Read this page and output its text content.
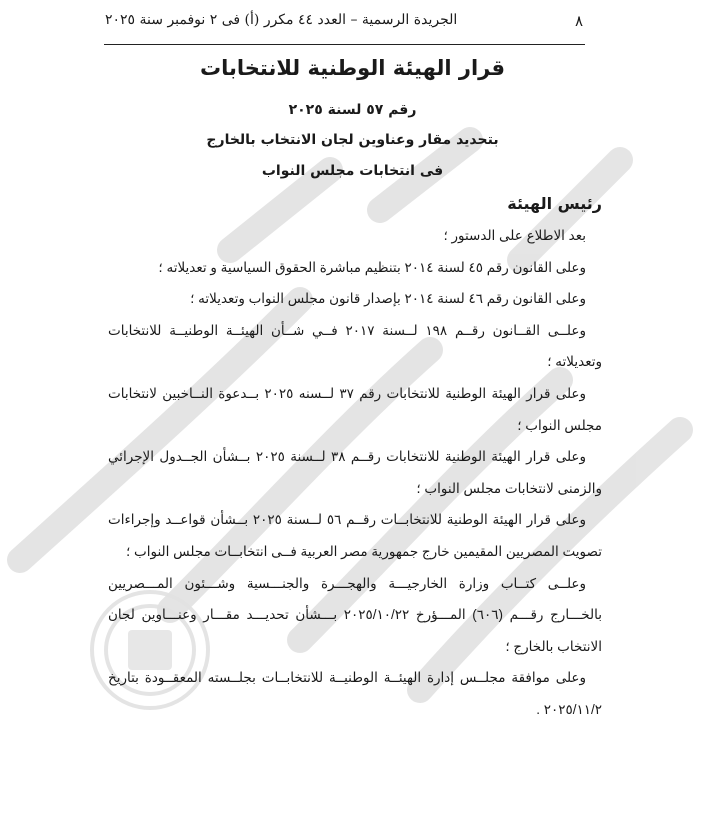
٨
الجريدة الرسمية – العدد ٤٤ مكرر (أ) فى ٢ نوفمبر سنة ٢٠٢٥
قرار الهيئة الوطنية للانتخابات
رقم ٥٧ لسنة ٢٠٢٥
بتحديد مقار وعناوين لجان الانتخاب بالخارج
فى انتخابات مجلس النواب
رئيس الهيئة

بعد الاطلاع على الدستور ؛

وعلى القانون رقم ٤٥ لسنة ٢٠١٤ بتنظيم مباشرة الحقوق السياسية و تعديلاته ؛

وعلى القانون رقم ٤٦ لسنة ٢٠١٤ بإصدار قانون مجلس النواب وتعديلاته ؛

وعلــى القــانون رقــم ١٩٨ لــسنة ٢٠١٧ فــي شــأن الهيئــة الوطنيــة للانتخابات وتعديلاته ؛

وعلى قرار الهيئة الوطنية للانتخابات رقم ٣٧ لــسنه ٢٠٢٥ بــدعوة النــاخبين لانتخابات مجلس النواب ؛

وعلى قرار الهيئة الوطنية للانتخابات رقــم ٣٨ لــسنة ٢٠٢٥ بــشأن الجــدول الإجرائي والزمنى لانتخابات مجلس النواب ؛

وعلى قرار الهيئة الوطنية للانتخابــات رقــم ٥٦ لــسنة ٢٠٢٥ بــشأن قواعــد وإجراءات تصويت المصريين المقيمين خارج جمهورية مصر العربية فــى انتخابــات مجلس النواب ؛

وعلــى كتــاب وزارة الخارجيـــة والهجـــرة والجنـــسية وشـــئون المـــصريين بالخـــارج رقـــم (٦٠٦) المـــؤرخ ٢٠٢٥/١٠/٢٢ بـــشأن تحديـــد مقـــار وعنـــاوين لجان الانتخاب بالخارج ؛

وعلى موافقة مجلــس إدارة الهيئــة الوطنيــة للانتخابــات بجلــسته المعقــودة بتاريخ ٢٠٢٥/١١/٢ .
